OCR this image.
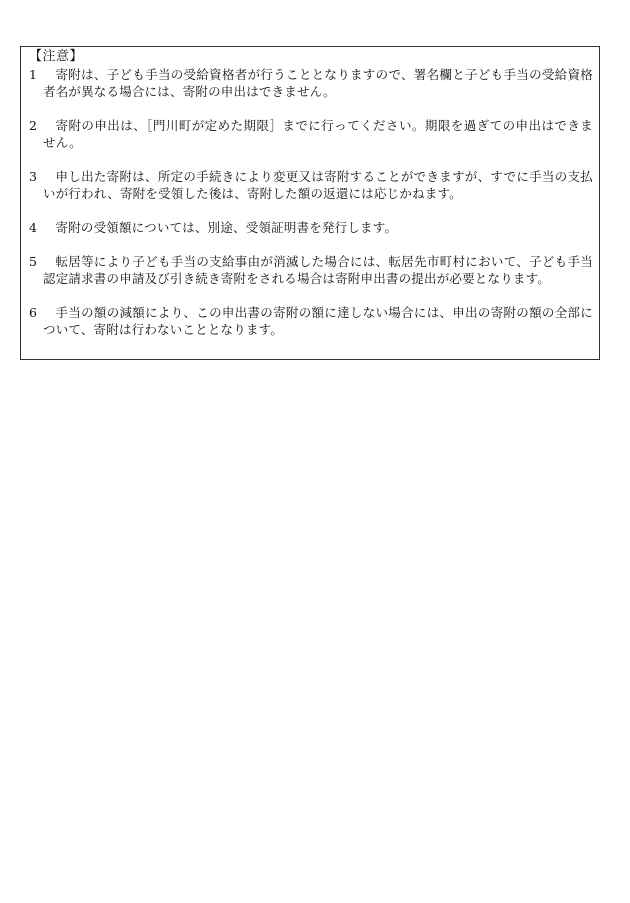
【注意】
1	寄附は、子ども手当の受給資格者が行うこととなりますので、署名欄と子ども手当の受給資格者名が異なる場合には、寄附の申出はできません。
2	寄附の申出は、［門川町が定めた期限］までに行ってください。期限を過ぎての申出はできません。
3	申し出た寄附は、所定の手続きにより変更又は寄附することができますが、すでに手当の支払いが行われ、寄附を受領した後は、寄附した額の返還には応じかねます。
4	寄附の受領額については、別途、受領証明書を発行します。
5	転居等により子ども手当の支給事由が消滅した場合には、転居先市町村において、子ども手当認定請求書の申請及び引き続き寄附をされる場合は寄附申出書の提出が必要となります。
6	手当の額の減額により、この申出書の寄附の額に達しない場合には、申出の寄附の額の全部について、寄附は行わないこととなります。
